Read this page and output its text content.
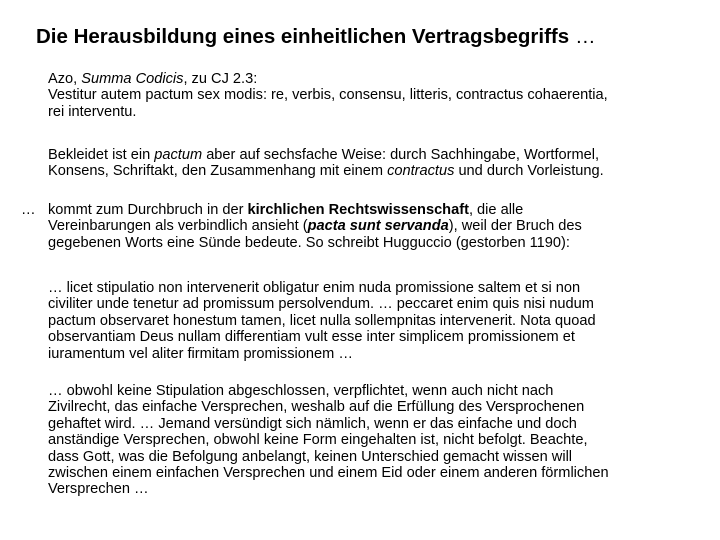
Die Herausbildung eines einheitlichen Vertragsbegriffs …
Azo, Summa Codicis, zu CJ 2.3:
Vestitur autem pactum sex modis: re, verbis, consensu, litteris, contractus cohaerentia,
rei interventu.
Bekleidet ist ein pactum aber auf sechsfache Weise: durch Sachhingabe, Wortformel,
Konsens, Schriftakt, den Zusammenhang mit einem contractus und durch Vorleistung.
… kommt zum Durchbruch in der kirchlichen Rechtswissenschaft, die alle
Vereinbarungen als verbindlich ansieht (pacta sunt servanda), weil der Bruch des
gegebenen Worts eine Sünde bedeute. So schreibt Hugguccio (gestorben 1190):
… licet stipulatio non intervenerit obligatur enim nuda promissione saltem et si non
civiliter unde tenetur ad promissum persolvendum. … peccaret enim quis nisi nudum
pactum observaret honestum tamen, licet nulla sollempnitas intervenerit. Nota quoad
observantiam Deus nullam differentiam vult esse inter simplicem promissionem et
iuramentum vel aliter firmitam promissionem …
… obwohl keine Stipulation abgeschlossen, verpflichtet, wenn auch nicht nach
Zivilrecht, das einfache Versprechen, weshalb auf die Erfüllung des Versprochenen
gehaftet wird. … Jemand versündigt sich nämlich, wenn er das einfache und doch
anständige Versprechen, obwohl keine Form eingehalten ist, nicht befolgt. Beachte,
dass Gott, was die Befolgung anbelangt, keinen Unterschied gemacht wissen will
zwischen einem einfachen Versprechen und einem Eid oder einem anderen förmlichen
Versprechen …
